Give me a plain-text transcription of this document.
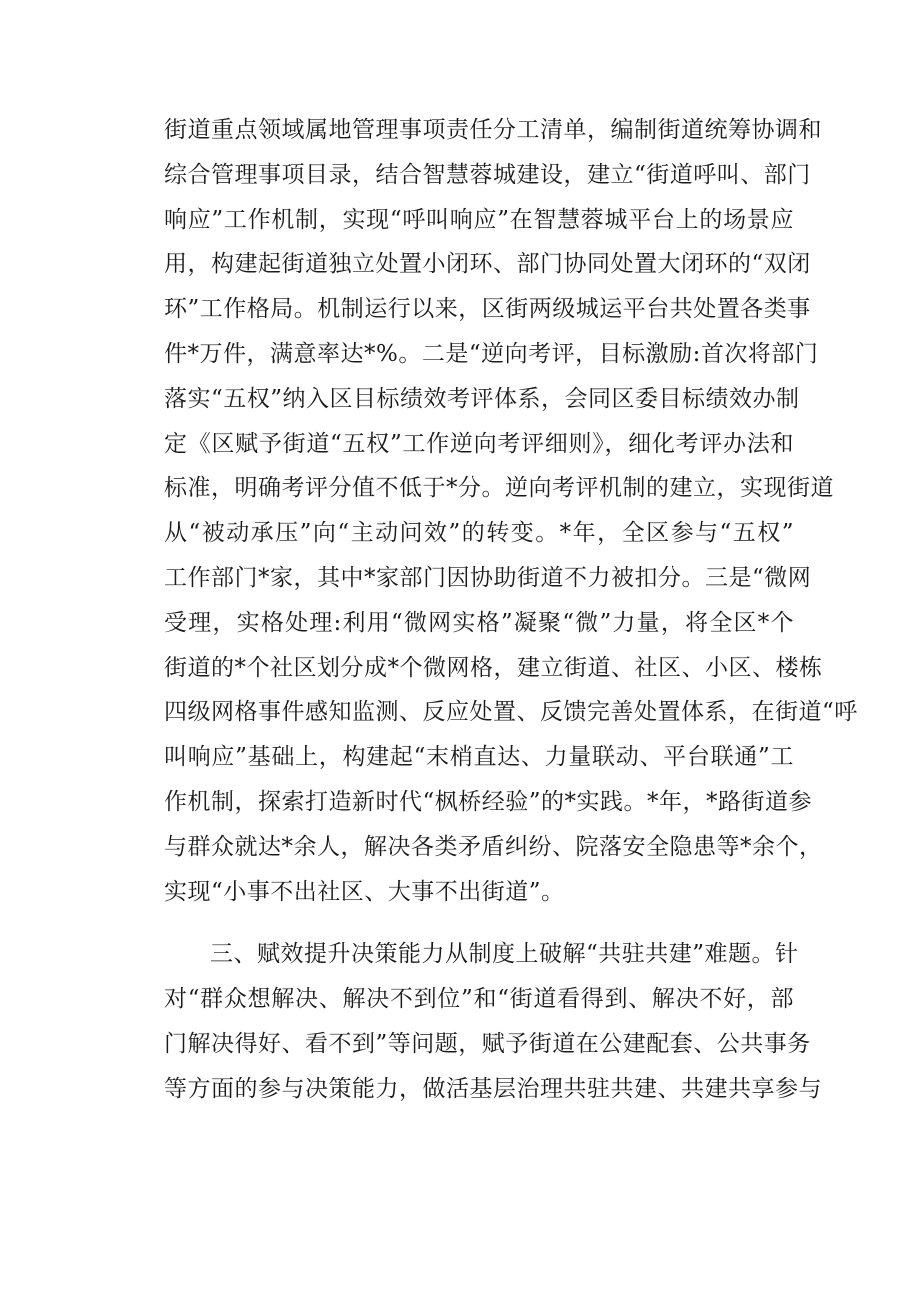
街道重点领域属地管理事项责任分工清单，编制街道统筹协调和
综合管理事项目录，结合智慧蓉城建设，建立“街道呼叫、部门
响应”工作机制，实现“呼叫响应”在智慧蓉城平台上的场景应
用，构建起街道独立处置小闭环、部门协同处置大闭环的“双闭
环”工作格局。机制运行以来，区街两级城运平台共处置各类事
件*万件，满意率达*%。二是“逆向考评，目标激励:首次将部门
落实“五权”纳入区目标绩效考评体系，会同区委目标绩效办制
定《区赋予街道“五权”工作逆向考评细则》，细化考评办法和
标准，明确考评分值不低于*分。逆向考评机制的建立，实现街道
从“被动承压”向“主动问效”的转变。*年，全区参与“五权”
工作部门*家，其中*家部门因协助街道不力被扣分。三是“微网
受理，实格处理:利用“微网实格”凝聚“微”力量，将全区*个
街道的*个社区划分成*个微网格，建立街道、社区、小区、楼栋
四级网格事件感知监测、反应处置、反馈完善处置体系，在街道“呼
叫响应”基础上，构建起“末梢直达、力量联动、平台联通”工
作机制，探索打造新时代“枫桥经验”的*实践。*年，*路街道参
与群众就达*余人，解决各类矛盾纠纷、院落安全隐患等*余个，
实现“小事不出社区、大事不出街道”。
三、赋效提升决策能力从制度上破解“共驻共建”难题。针
对“群众想解决、解决不到位”和“街道看得到、解决不好，部
门解决得好、看不到”等问题，赋予街道在公建配套、公共事务
等方面的参与决策能力，做活基层治理共驻共建、共建共享参与
